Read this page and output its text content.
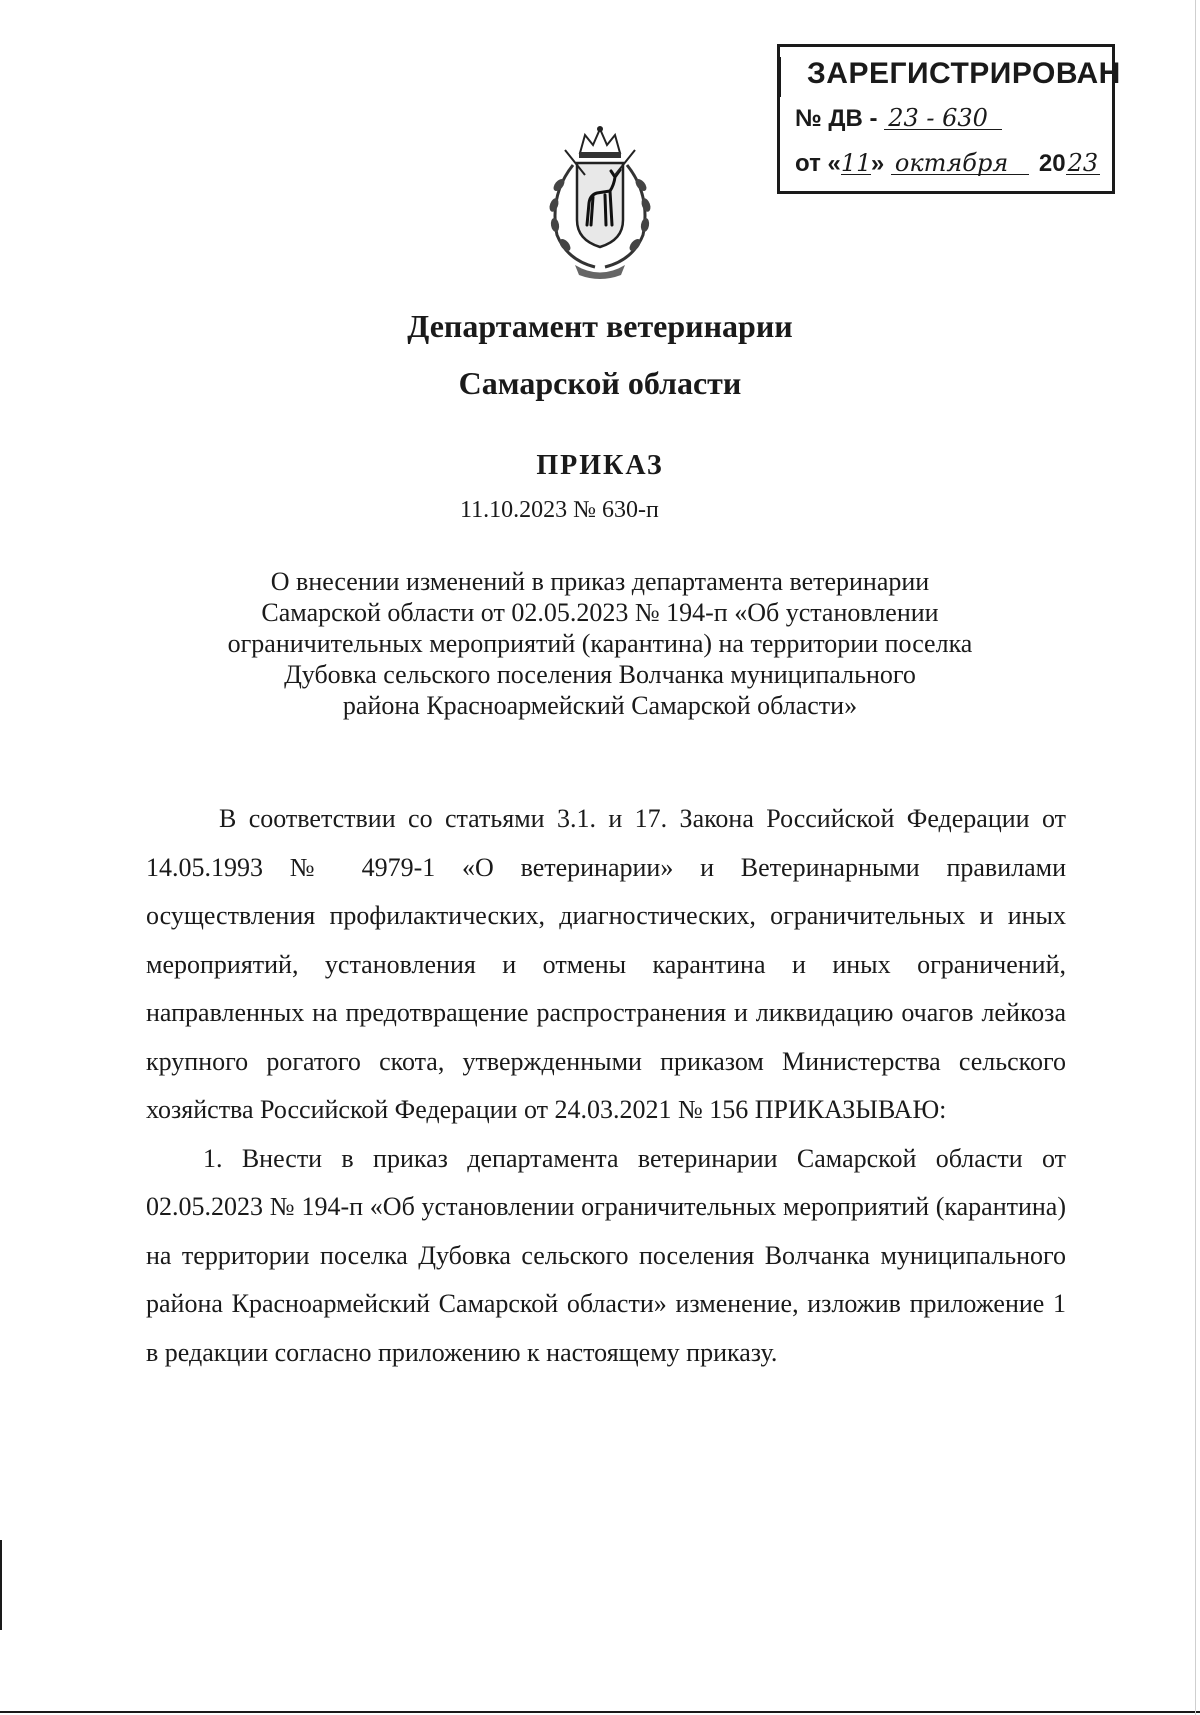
ЗАРЕГИСТРИРОВАН
№ ДВ - 23 - 630
от «11» октября 2023
Департамент ветеринарии
Самарской области
ПРИКАЗ
11.10.2023 № 630-п
О внесении изменений в приказ департамента ветеринарии
Самарской области от 02.05.2023 № 194-п «Об установлении
ограничительных мероприятий (карантина) на территории поселка
Дубовка сельского поселения Волчанка муниципального
района Красноармейский Самарской области»

В соответствии со статьями 3.1. и 17. Закона Российской Федерации от 14.05.1993 № 4979-1 «О ветеринарии» и Ветеринарными правилами осуществления профилактических, диагностических, ограничительных и иных мероприятий, установления и отмены карантина и иных ограничений, направленных на предотвращение распространения и ликвидацию очагов лейкоза крупного рогатого скота, утвержденными приказом Министерства сельского хозяйства Российской Федерации от 24.03.2021 № 156 ПРИКАЗЫВАЮ:

1. Внести в приказ департамента ветеринарии Самарской области от 02.05.2023 № 194-п «Об установлении ограничительных мероприятий (карантина) на территории поселка Дубовка сельского поселения Волчанка муниципального района Красноармейский Самарской области» изменение, изложив приложение 1 в редакции согласно приложению к настоящему приказу.
